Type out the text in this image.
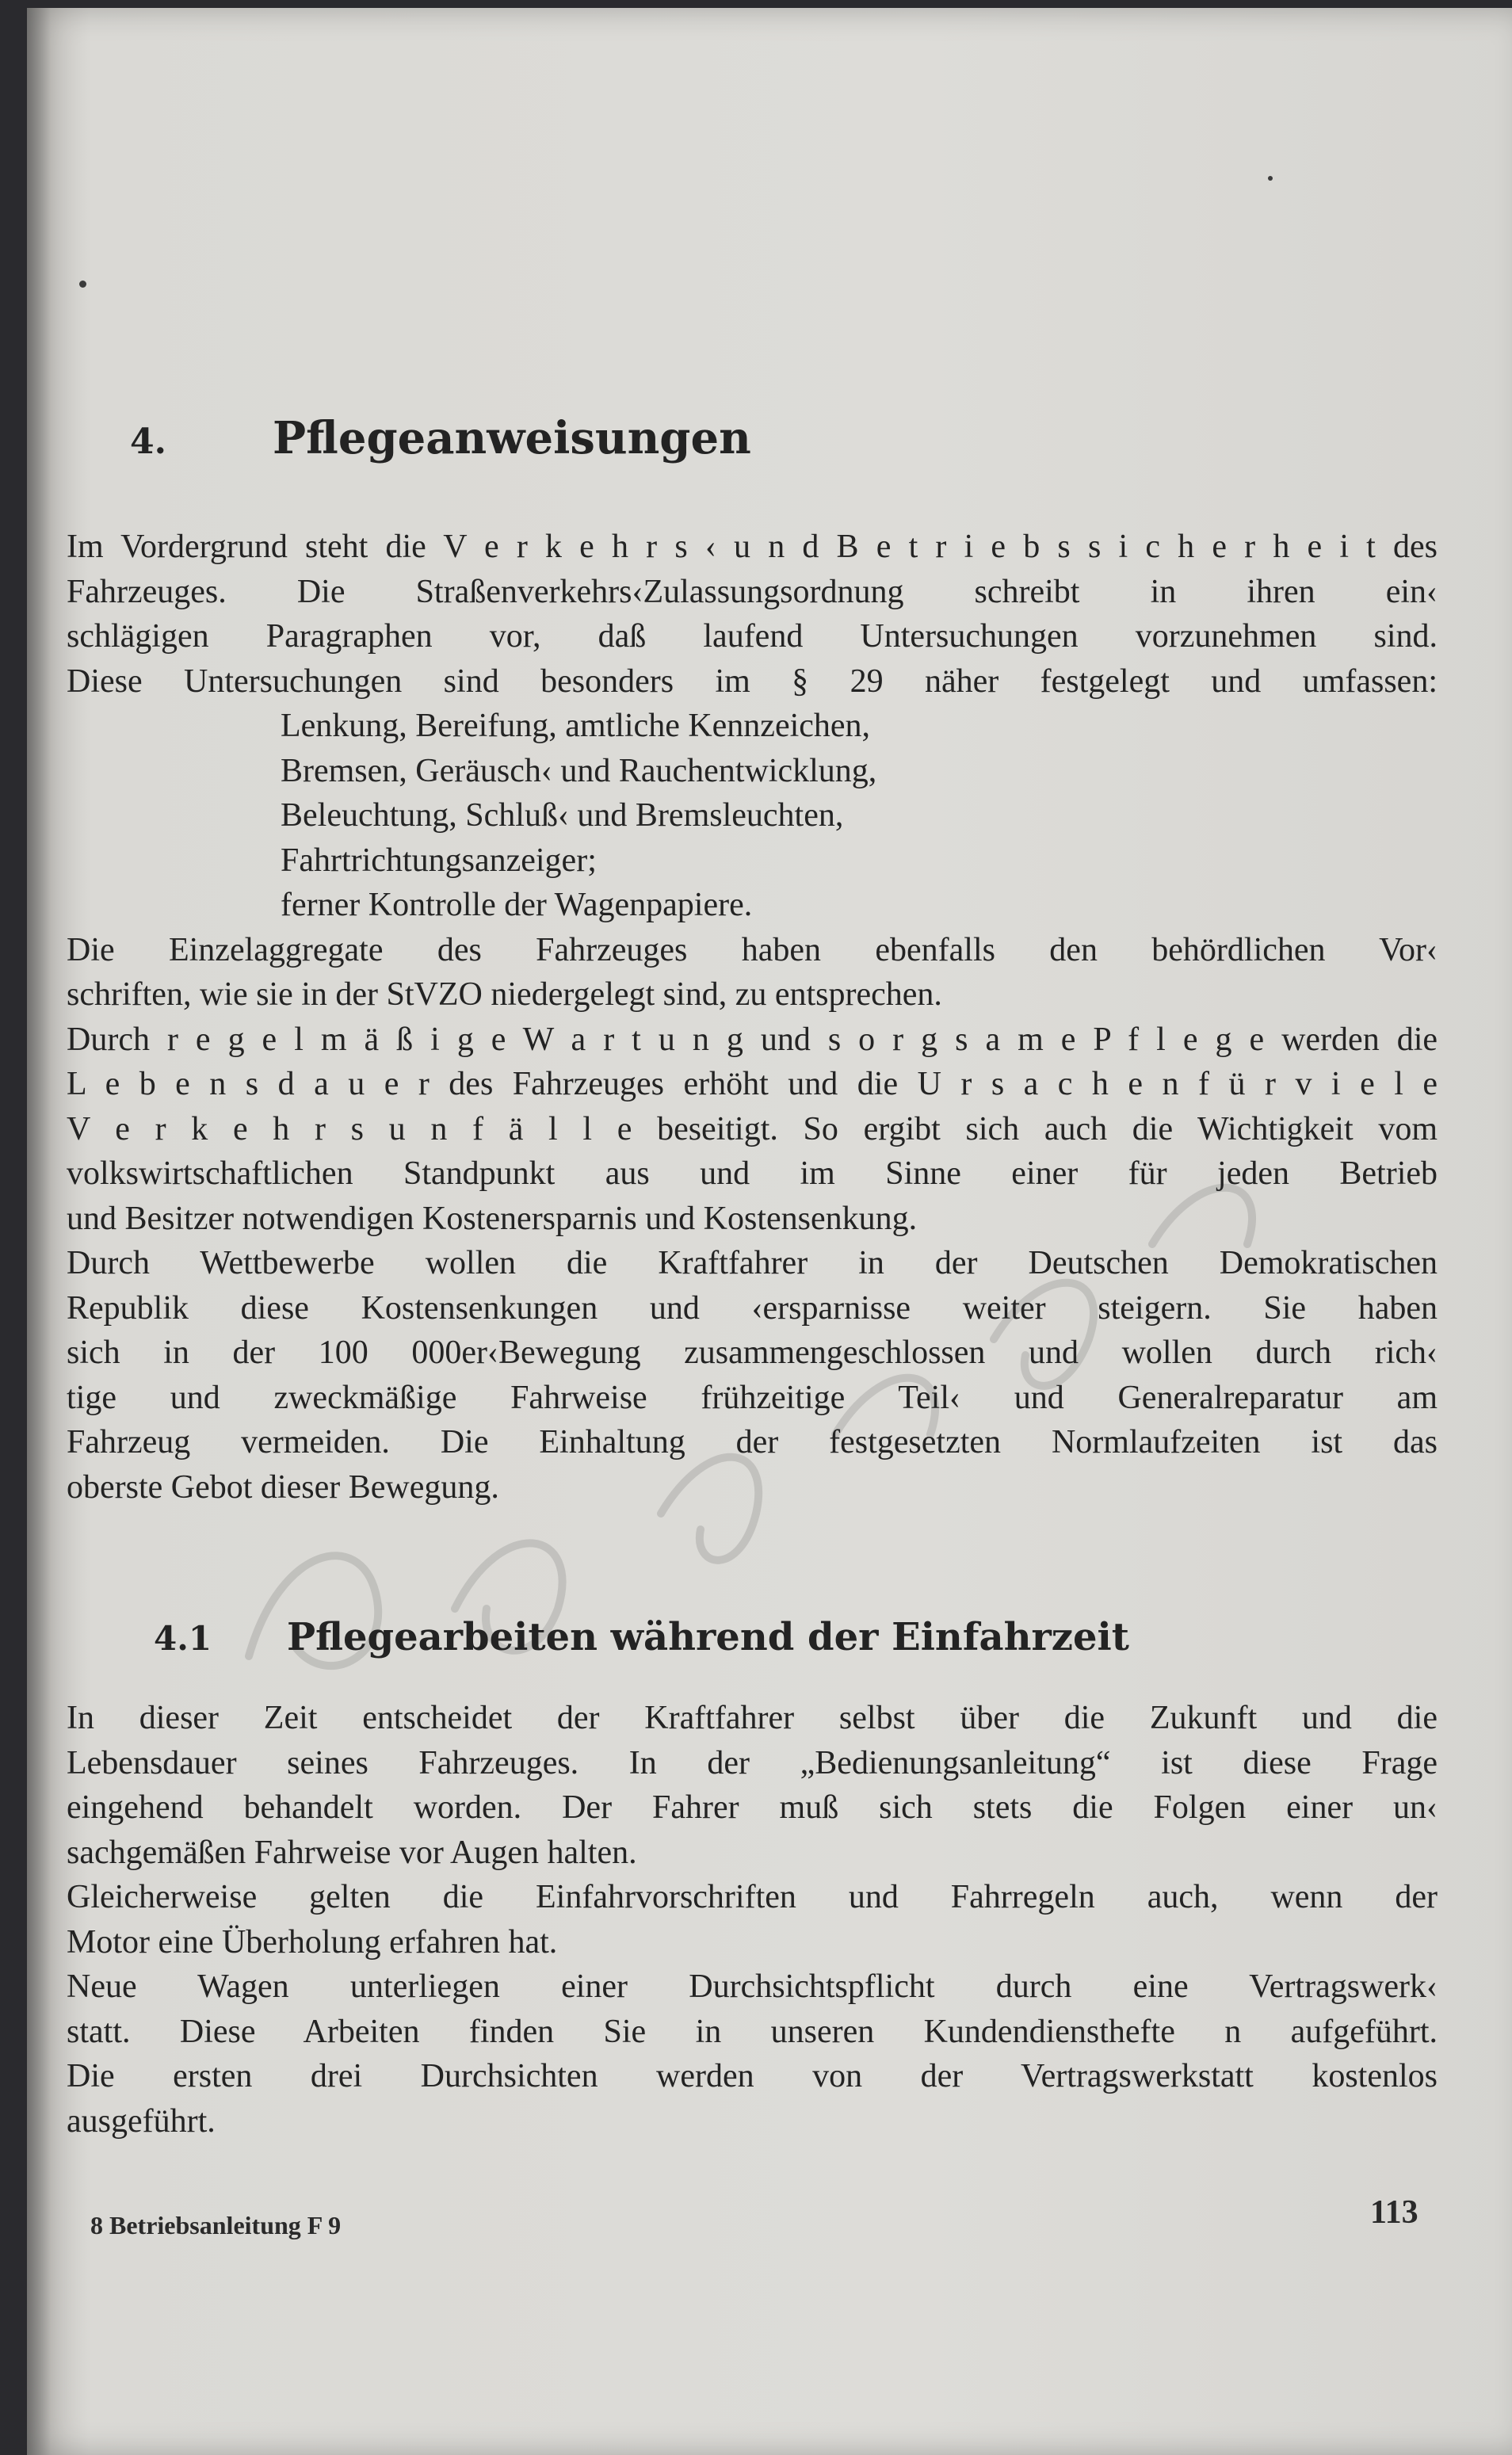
4. Pflegeanweisungen
Im Vordergrund steht die V e r k e h r s ‹ u n d B e t r i e b s s i c h e r h e i t des
Fahrzeuges. Die Straßenverkehrs‹Zulassungsordnung schreibt in ihren ein‹
schlägigen Paragraphen vor, daß laufend Untersuchungen vorzunehmen sind.
Diese Untersuchungen sind besonders im § 29 näher festgelegt und umfassen:
Lenkung, Bereifung, amtliche Kennzeichen,
Bremsen, Geräusch‹ und Rauchentwicklung,
Beleuchtung, Schluß‹ und Bremsleuchten,
Fahrtrichtungsanzeiger;
ferner Kontrolle der Wagenpapiere.
Die Einzelaggregate des Fahrzeuges haben ebenfalls den behördlichen Vor‹
schriften, wie sie in der StVZO niedergelegt sind, zu entsprechen.
Durch r e g e l m ä ß i g e W a r t u n g und s o r g s a m e P f l e g e werden die
L e b e n s d a u e r des Fahrzeuges erhöht und die U r s a c h e n f ü r v i e l e
V e r k e h r s u n f ä l l e beseitigt. So ergibt sich auch die Wichtigkeit vom
volkswirtschaftlichen Standpunkt aus und im Sinne einer für jeden Betrieb
und Besitzer notwendigen Kostenersparnis und Kostensenkung.
Durch Wettbewerbe wollen die Kraftfahrer in der Deutschen Demokratischen
Republik diese Kostensenkungen und ‹ersparnisse weiter steigern. Sie haben
sich in der 100 000er‹Bewegung zusammengeschlossen und wollen durch rich‹
tige und zweckmäßige Fahrweise frühzeitige Teil‹ und Generalreparatur am
Fahrzeug vermeiden. Die Einhaltung der festgesetzten Normlaufzeiten ist das
oberste Gebot dieser Bewegung.
4.1 Pflegearbeiten während der Einfahrzeit
In dieser Zeit entscheidet der Kraftfahrer selbst über die Zukunft und die
Lebensdauer seines Fahrzeuges. In der „Bedienungsanleitung“ ist diese Frage
eingehend behandelt worden. Der Fahrer muß sich stets die Folgen einer un‹
sachgemäßen Fahrweise vor Augen halten.
Gleicherweise gelten die Einfahrvorschriften und Fahrregeln auch, wenn der
Motor eine Überholung erfahren hat.
Neue Wagen unterliegen einer Durchsichtspflicht durch eine Vertragswerk‹
statt. Diese Arbeiten finden Sie in unseren Kundendiensthefte n aufgeführt.
Die ersten drei Durchsichten werden von der Vertragswerkstatt kostenlos
ausgeführt.
8 Betriebsanleitung F 9	113
